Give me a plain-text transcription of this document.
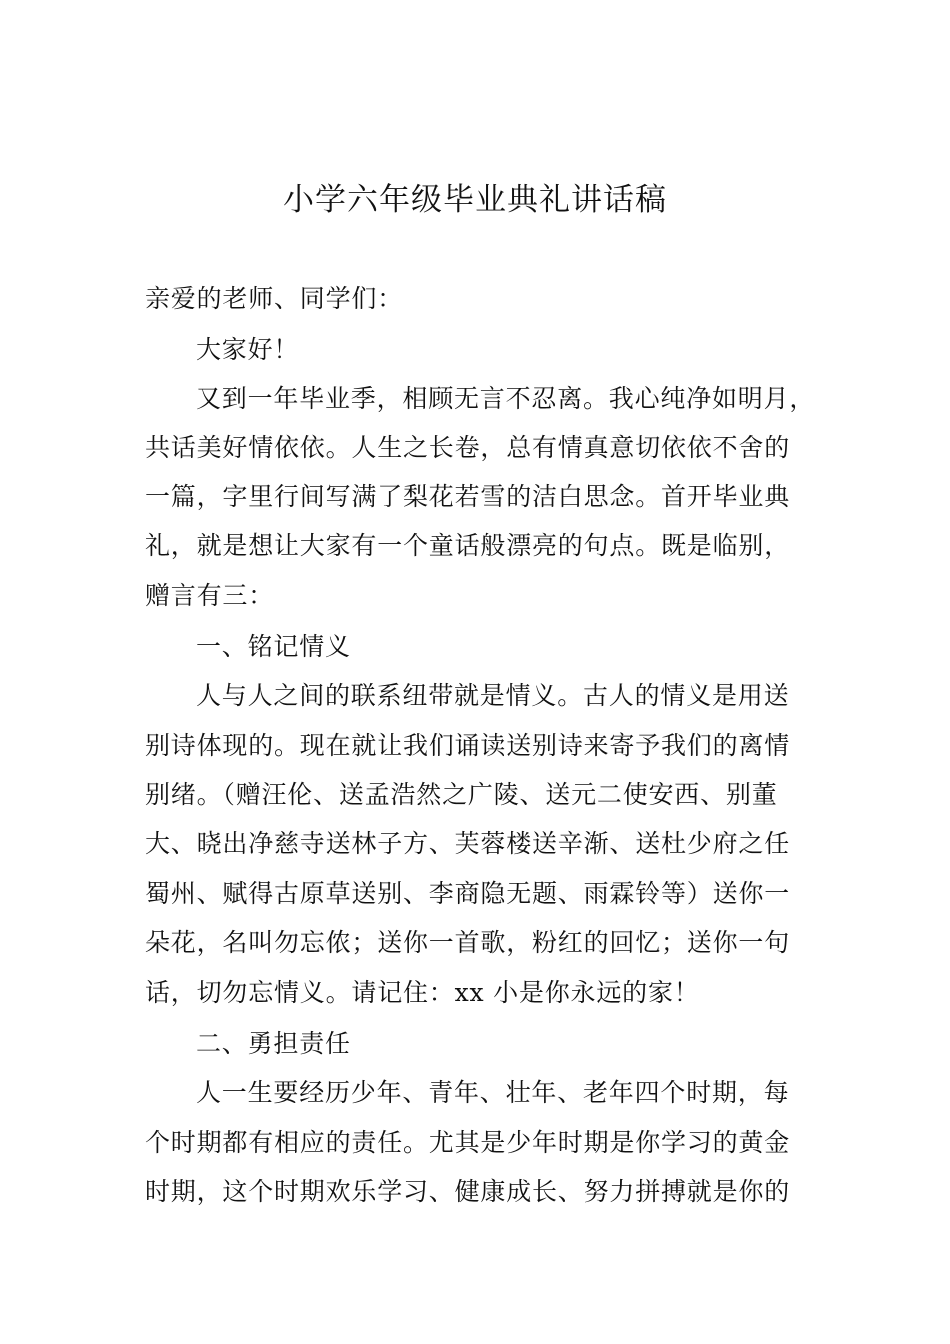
小学六年级毕业典礼讲话稿
亲爱的老师、同学们：
大家好！
又到一年毕业季，相顾无言不忍离。我心纯净如明月，
共话美好情依依。人生之长卷，总有情真意切依依不舍的
一篇，字里行间写满了梨花若雪的洁白思念。首开毕业典
礼，就是想让大家有一个童话般漂亮的句点。既是临别，
赠言有三：
一、铭记情义
人与人之间的联系纽带就是情义。古人的情义是用送
别诗体现的。现在就让我们诵读送别诗来寄予我们的离情
别绪。（赠汪伦、送孟浩然之广陵、送元二使安西、别董
大、晓出净慈寺送林子方、芙蓉楼送辛渐、送杜少府之任
蜀州、赋得古原草送别、李商隐无题、雨霖铃等）送你一
朵花，名叫勿忘侬；送你一首歌，粉红的回忆；送你一句
话，切勿忘情义。请记住：xx 小是你永远的家！
二、勇担责任
人一生要经历少年、青年、壮年、老年四个时期，每
个时期都有相应的责任。尤其是少年时期是你学习的黄金
时期，这个时期欢乐学习、健康成长、努力拼搏就是你的
